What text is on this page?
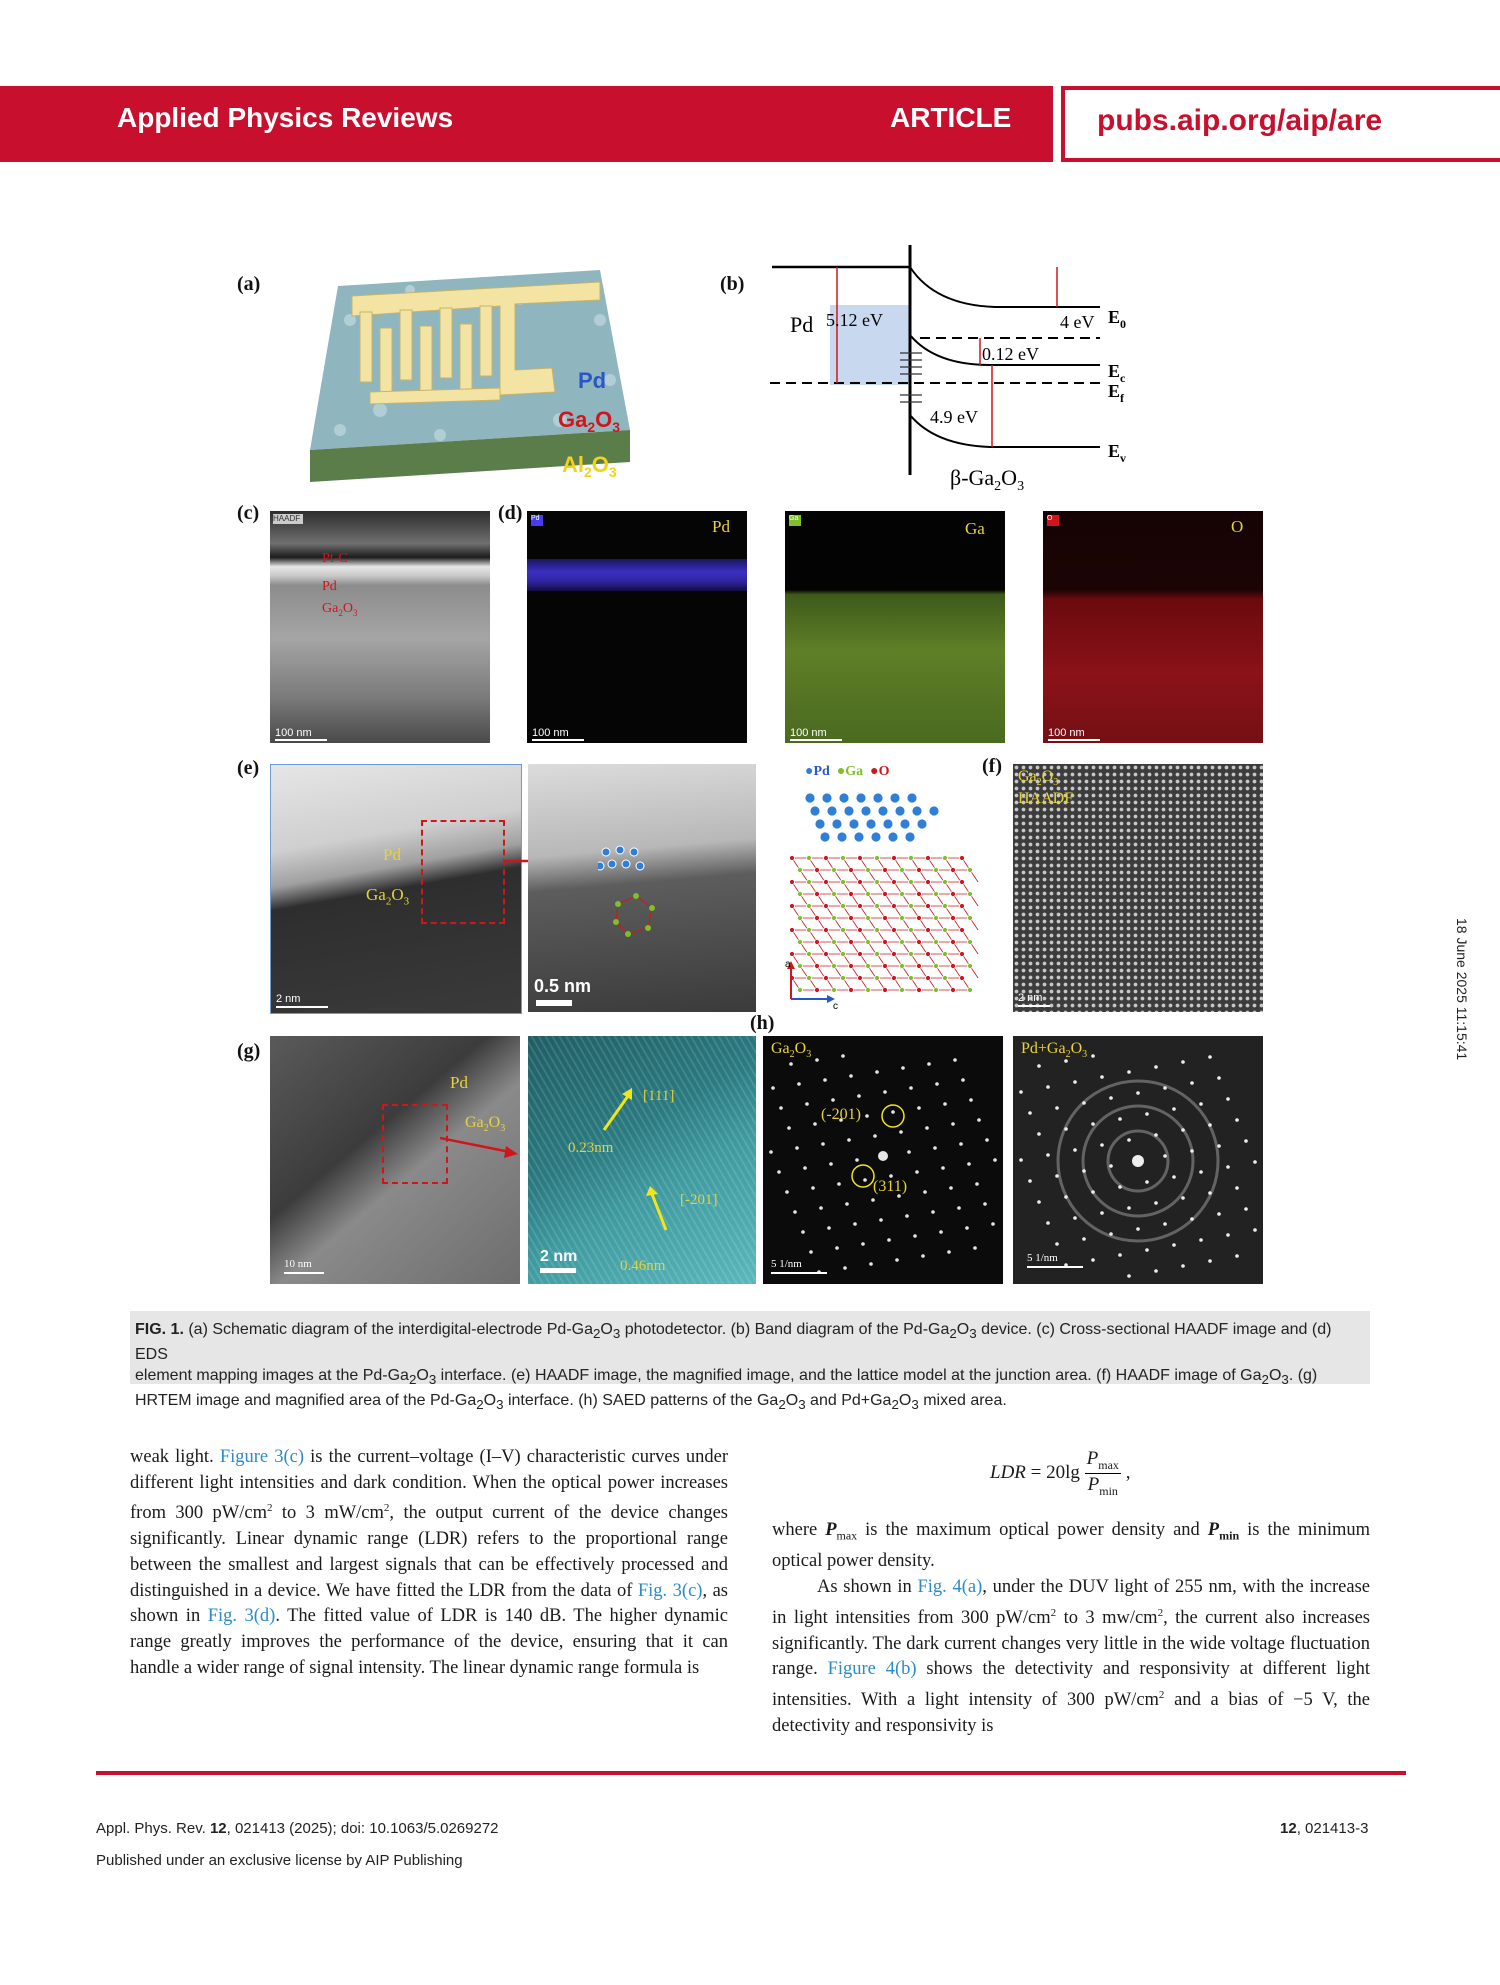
Applied Physics Reviews	ARTICLE	pubs.aip.org/aip/are
18 June 2025 11:15:41
(a)
Pd
$Ga_2O_3$
$Al_2O_3$
(b)
Pd 5.12 eV	4 eV
0.12 eV
4.9 eV
$E_0$
$E_c$
$E_f$
$E_v$
$\beta-Ga_2O_3$
(c) HAADF
Pt-C
Pd
$Ga_2O_3$
100 nm
(d) Pd	Pd
100 nm
Ga
Ga
100 nm
O	O
100 nm
(e)
Pd
$Ga_2O_3$
2 nm
0.5 nm
●Pd  ●Ga  ●O
a
c
(f) $Ga_2O_3$
HAADF
2 nm
(g)
Pd
$Ga_2O_3$
10 nm
[111]
0.23nm
[-201]
0.46nm
2 nm
(h)
$Ga_2O_3$
(-201)
(311)
5 1/nm
$Pd+Ga_2O_3$
5 1/nm
FIG. 1. (a) Schematic diagram of the interdigital-electrode $Pd-Ga_2O_3$ photodetector. (b) Band diagram of the $Pd-Ga_2O_3$ device. (c) Cross-sectional HAADF image and (d) EDS
element mapping images at the $Pd-Ga_2O_3$ interface. (e) HAADF image, the magnified image, and the lattice model at the junction area. (f) HAADF image of $Ga_2O_3$. (g)
HRTEM image and magnified area of the $Pd-Ga_2O_3$ interface. (h) SAED patterns of the $Ga_2O_3$ and $Pd+Ga_2O_3$ mixed area.
weak light. Figure 3(c) is the current–voltage (I–V) characteristic curves under different light intensities and dark condition. When the optical power increases from 300 $pW/cm^2$ to 3 $mW/cm^2$, the output current of the device changes significantly. Linear dynamic range (LDR) refers to the proportional range between the smallest and largest signals that can be effectively processed and distinguished in a device. We have fitted the LDR from the data of Fig. 3(c), as shown in Fig. 3(d). The fitted value of LDR is 140 dB. The higher dynamic range greatly improves the performance of the device, ensuring that it can handle a wider range of signal intensity. The linear dynamic range formula is
LDR = 20lg
$P_{max}$
$P_{min}$
,
where $P_{max}$ is the maximum optical power density and $P_{min}$ is the minimum optical power density.
As shown in Fig. 4(a), under the DUV light of 255 nm, with the increase in light intensities from 300 $pW/cm^2$ to 3 $mw/cm^2$, the current also increases significantly. The dark current changes very little in the wide voltage fluctuation range. Figure 4(b) shows the detectivity and responsivity at different light intensities. With a light intensity of 300 $pW/cm^2$ and a bias of −5 V, the detectivity and responsivity is
Appl. Phys. Rev. 12, 021413 (2025); doi: 10.1063/5.0269272
Published under an exclusive license by AIP Publishing
12, 021413-3
